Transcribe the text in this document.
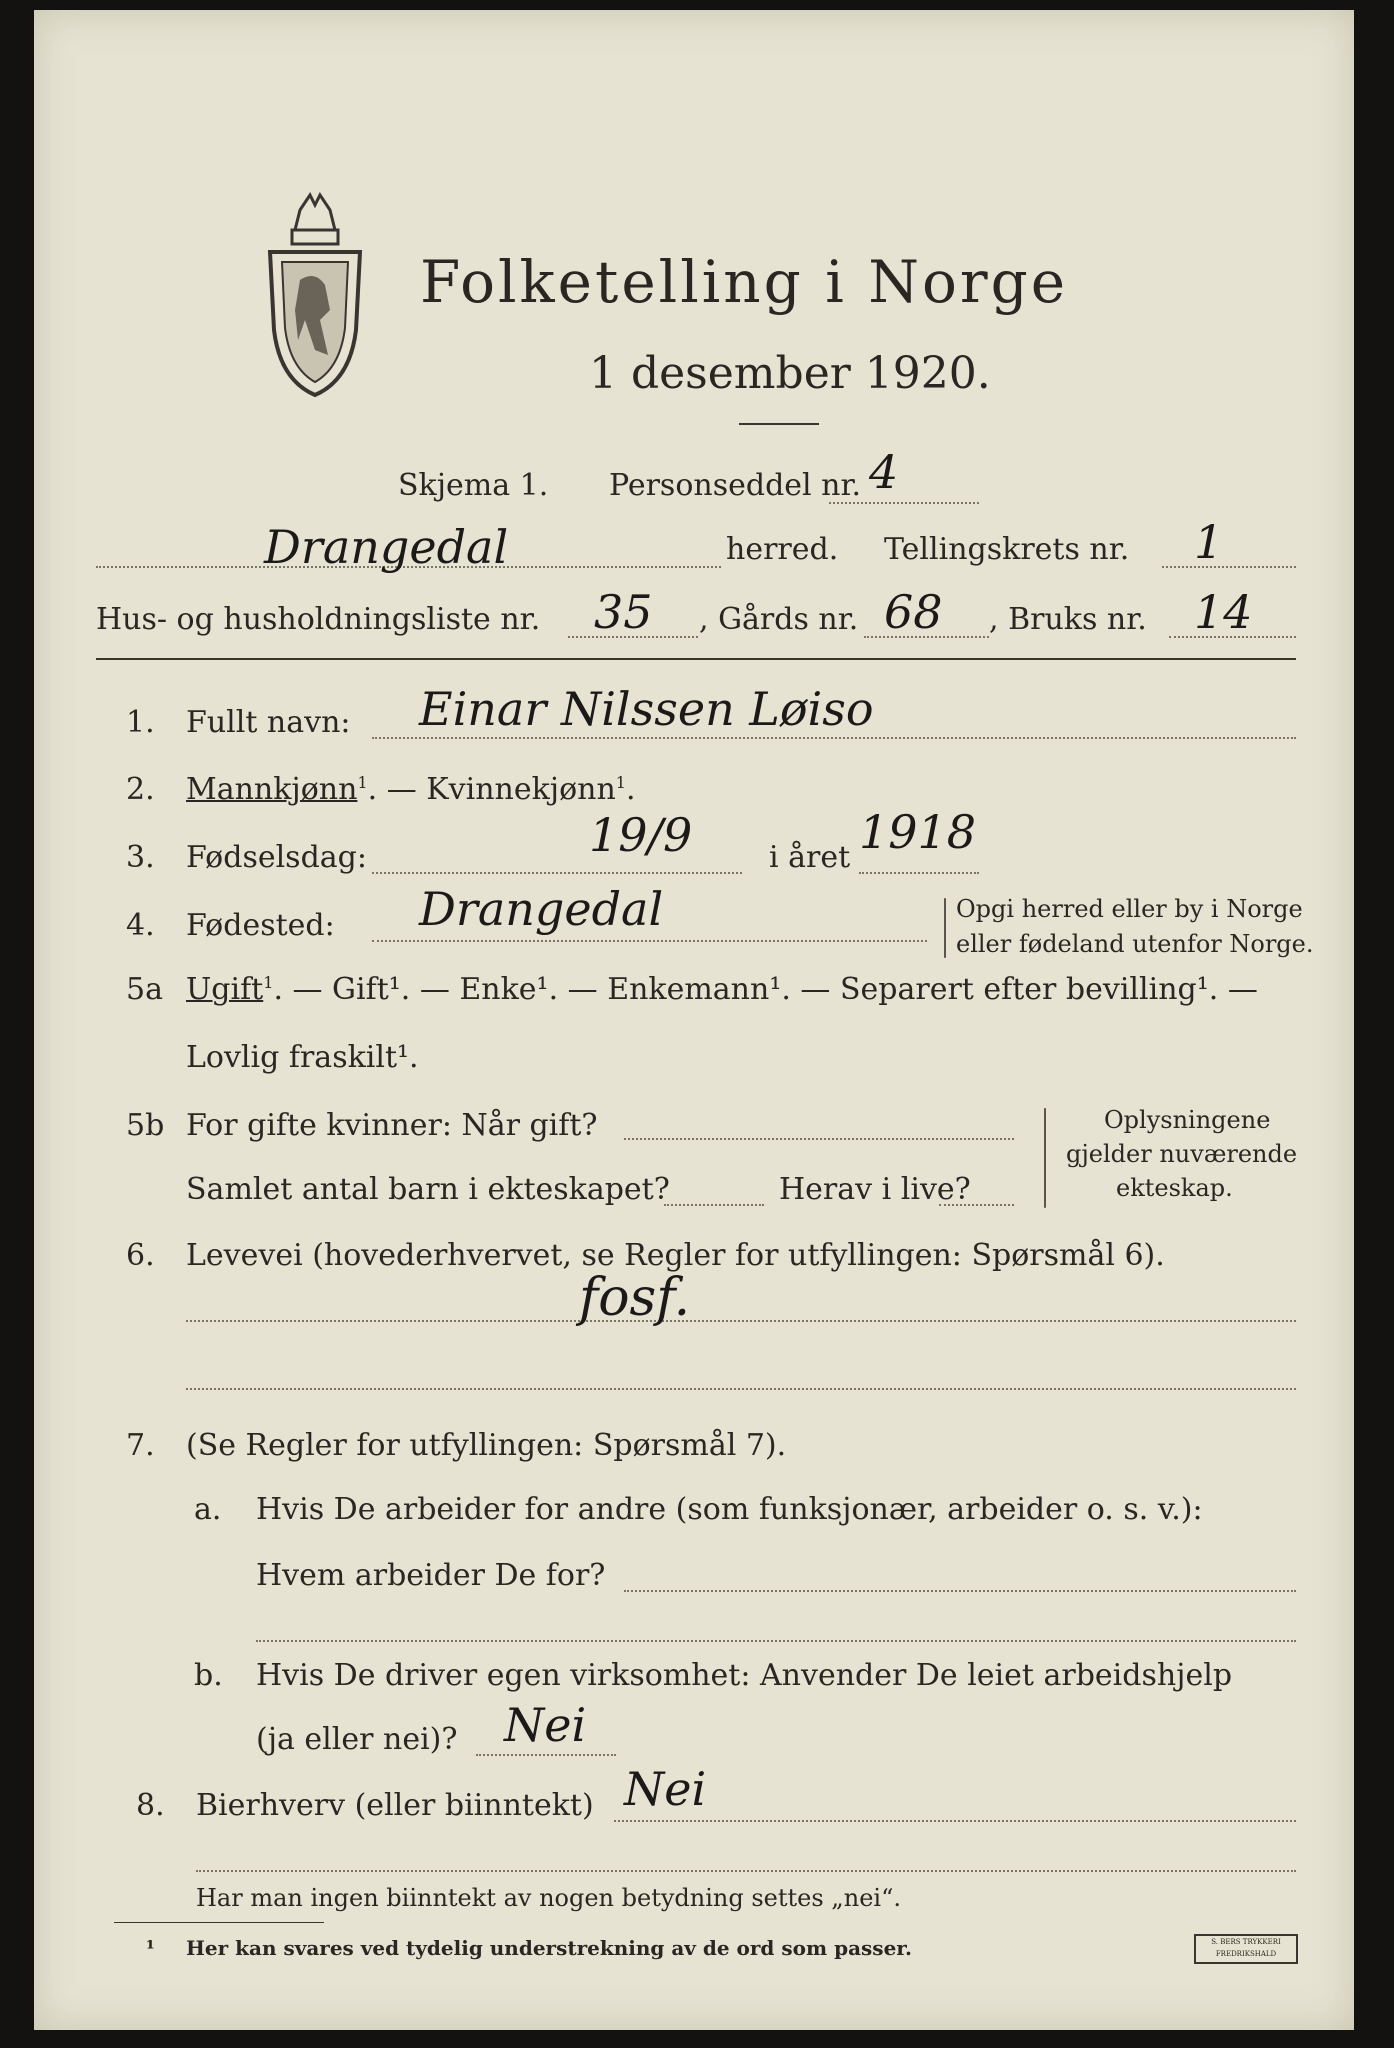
Folketelling i Norge
1 desember 1920.
Skjema 1. Personseddel nr. 4
Drangedal	herred. Tellingskrets nr. 1
Hus- og husholdningsliste nr. 35 , Gårds nr. 68 , Bruks nr. 14
1. Fullt navn: Einar Nilssen Løiso
2. Mannkjønn$^1$. — Kvinnekjønn$^1$.
3. Fødselsdag:	19/9	i året 1918
4. Fødested: Drangedal	Opgi herred eller by i Norge
eller fødeland utenfor Norge.
5a Ugift$^1$. — Gift¹. — Enke¹. — Enkemann¹. — Separert efter bevilling¹. —
Lovlig fraskilt¹.
5b For gifte kvinner: Når gift?
Samlet antal barn i ekteskapet?	Herav i live?
Oplysningene
gjelder nuværende
ekteskap.
6. Levevei (hovederhvervet, se Regler for utfyllingen: Spørsmål 6).
fosf.
7. (Se Regler for utfyllingen: Spørsmål 7).
a. Hvis De arbeider for andre (som funksjonær, arbeider o. s. v.):
Hvem arbeider De for?
b. Hvis De driver egen virksomhet: Anvender De leiet arbeidshjelp
(ja eller nei)? Nei
8. Bierhverv (eller biinntekt) Nei
Har man ingen biinntekt av nogen betydning settes „nei“.
¹ Her kan svares ved tydelig understrekning av de ord som passer.	S. BERS TRYKKERI FREDRIKSHALD
